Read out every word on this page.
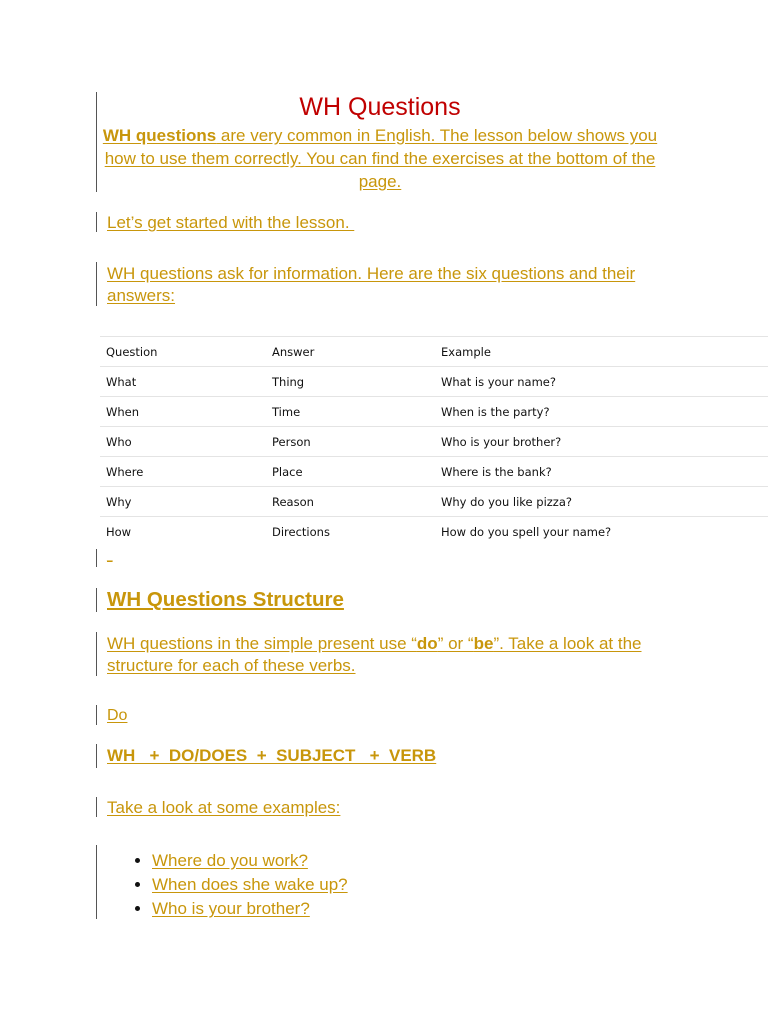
WH Questions
WH questions are very common in English. The lesson below shows you how to use them correctly. You can find the exercises at the bottom of the page.
Let’s get started with the lesson.
WH questions ask for information. Here are the six questions and their answers:
Question	Answer	Example
What	Thing	What is your name?
When	Time	When is the party?
Who	Person	Who is your brother?
Where	Place	Where is the bank?
Why	Reason	Why do you like pizza?
How	Directions	How do you spell your name?
_
WH Questions Structure
WH questions in the simple present use “do” or “be”. Take a look at the structure for each of these verbs.
Do
WH   +  DO/DOES  +  SUBJECT   +  VERB
Take a look at some examples:
• Where do you work?
• When does she wake up?
• Who is your brother?
